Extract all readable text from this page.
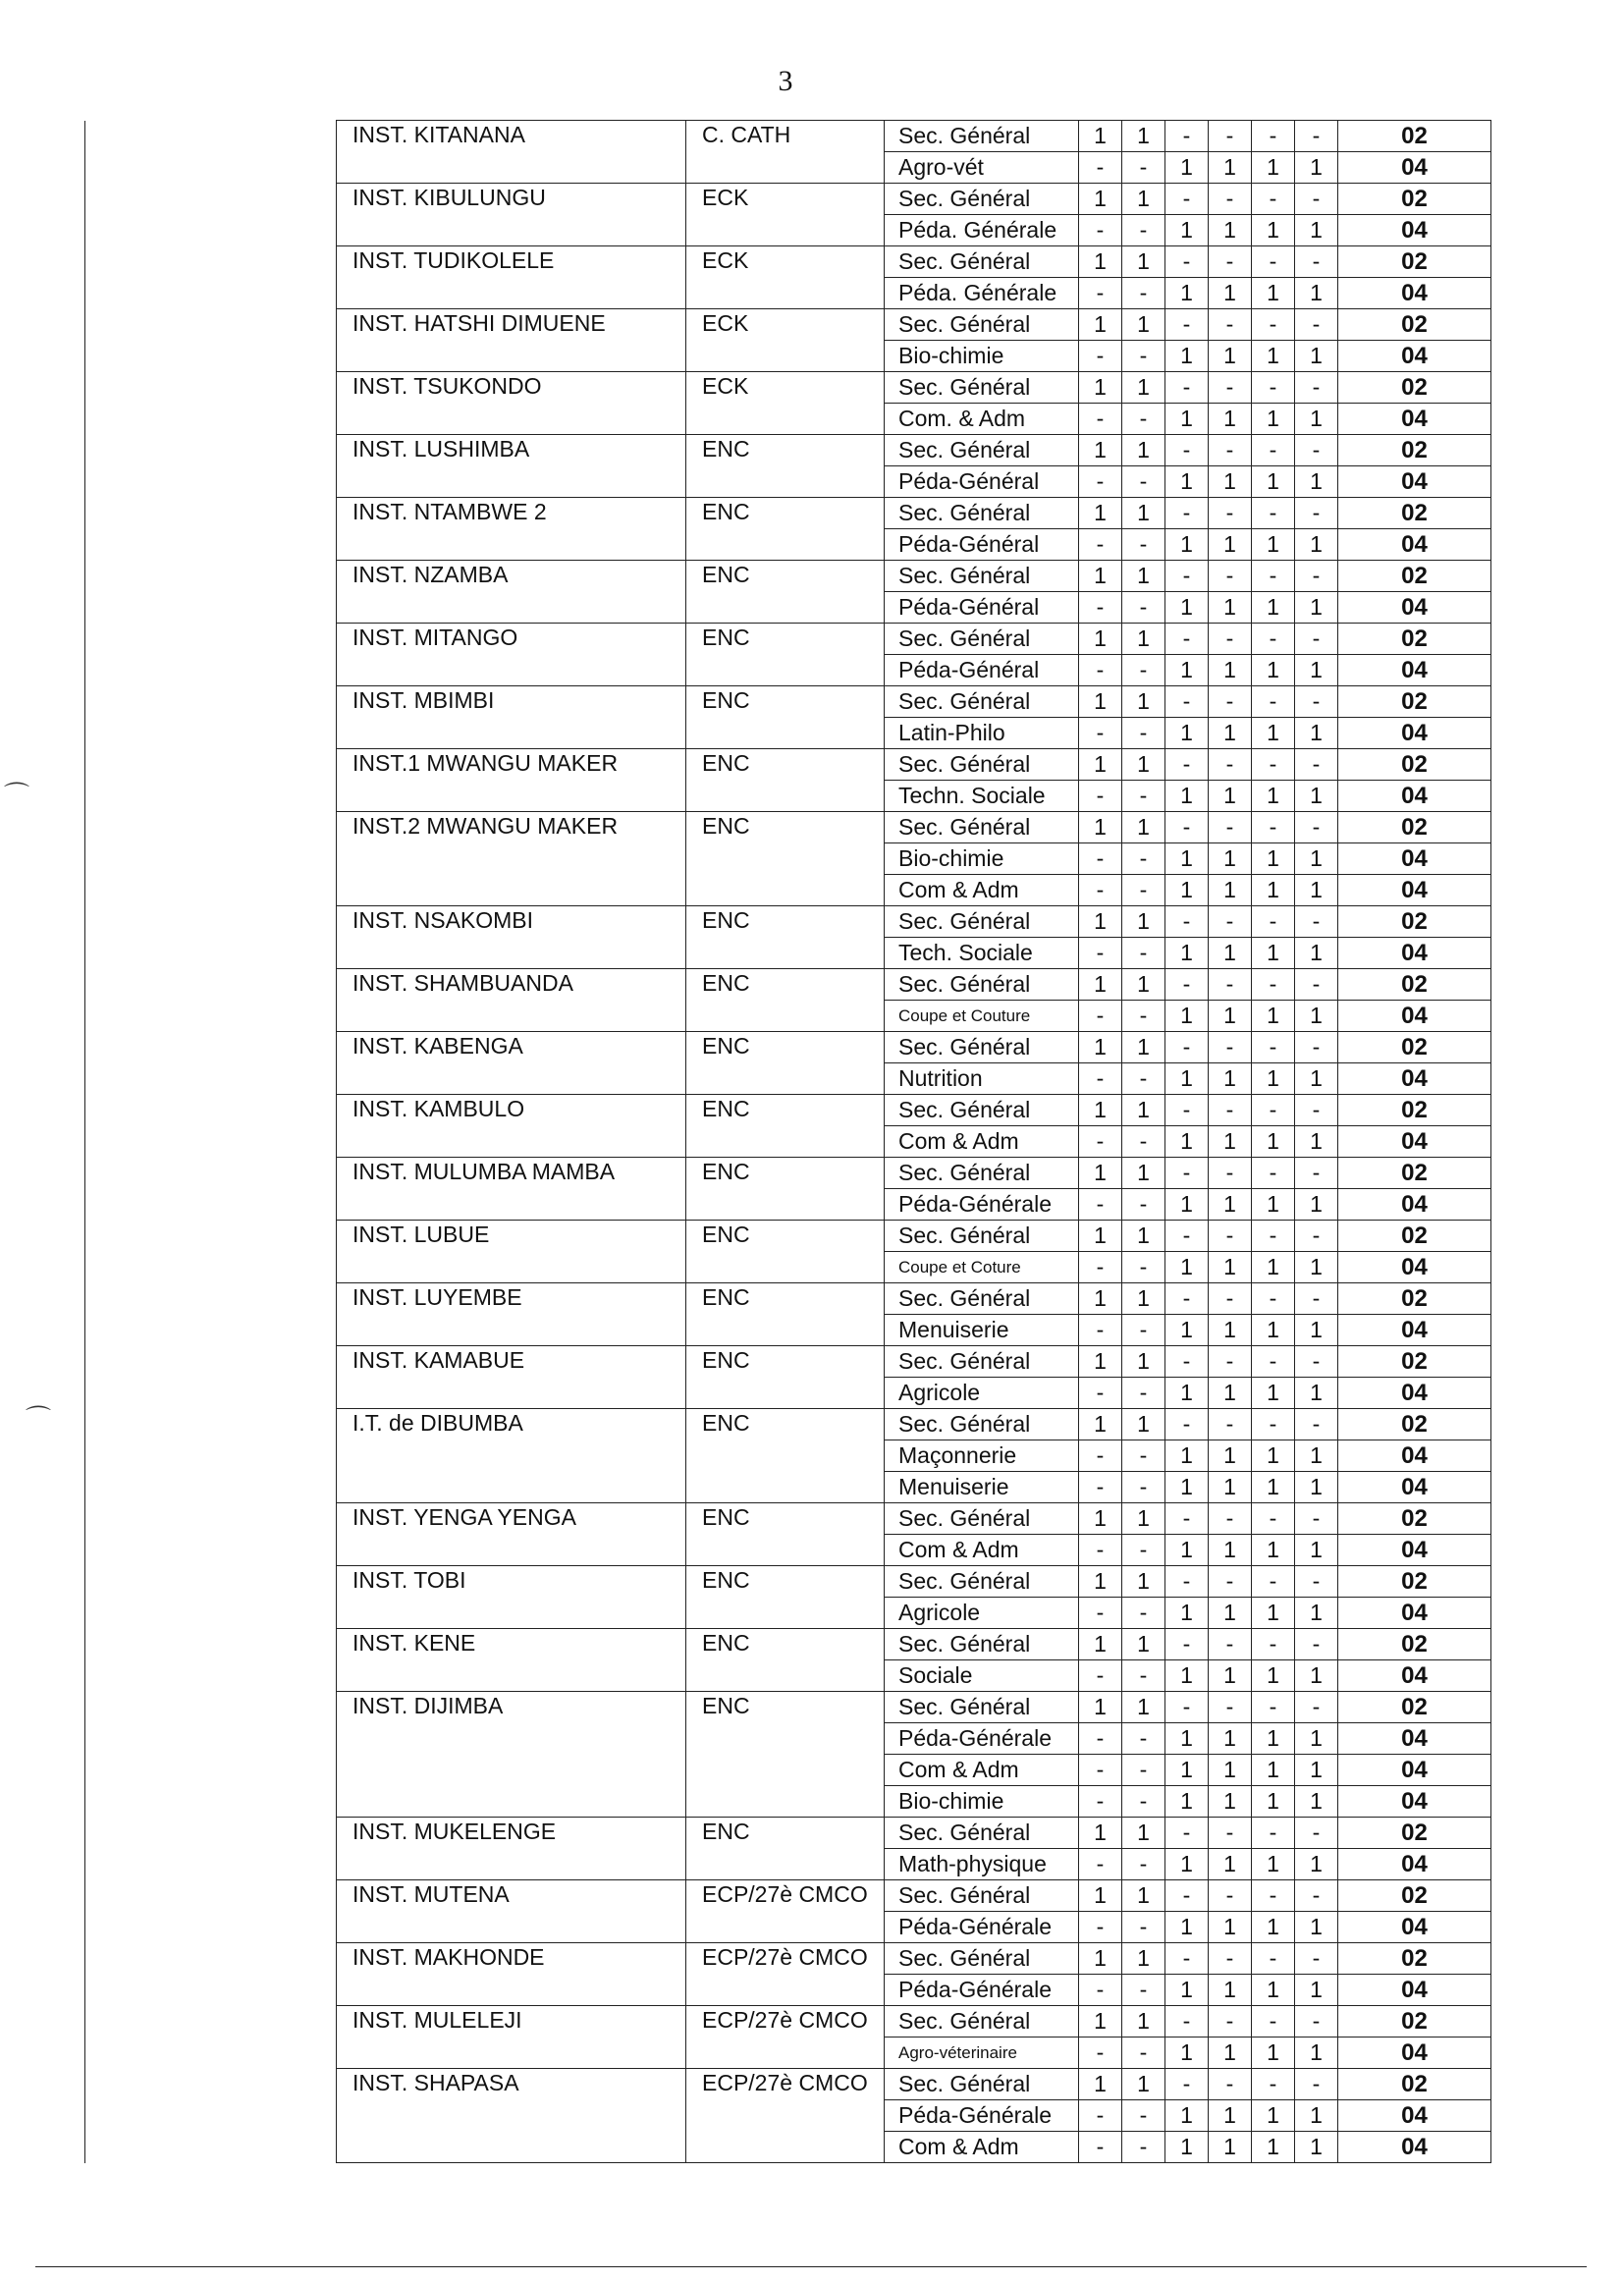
3
⌒
⌒
	INST. KITANANA	C. CATH	Sec. Général	1	1	-	-	-	-	02
			Agro-vét	-	-	1	1	1	1	04
	INST. KIBULUNGU	ECK	Sec. Général	1	1	-	-	-	-	02
			Péda. Générale	-	-	1	1	1	1	04
	INST. TUDIKOLELE	ECK	Sec. Général	1	1	-	-	-	-	02
			Péda. Générale	-	-	1	1	1	1	04
	INST. HATSHI DIMUENE	ECK	Sec. Général	1	1	-	-	-	-	02
			Bio-chimie	-	-	1	1	1	1	04
	INST. TSUKONDO	ECK	Sec. Général	1	1	-	-	-	-	02
			Com. & Adm	-	-	1	1	1	1	04
	INST. LUSHIMBA	ENC	Sec. Général	1	1	-	-	-	-	02
			Péda-Général	-	-	1	1	1	1	04
	INST. NTAMBWE 2	ENC	Sec. Général	1	1	-	-	-	-	02
			Péda-Général	-	-	1	1	1	1	04
	INST. NZAMBA	ENC	Sec. Général	1	1	-	-	-	-	02
			Péda-Général	-	-	1	1	1	1	04
	INST. MITANGO	ENC	Sec. Général	1	1	-	-	-	-	02
			Péda-Général	-	-	1	1	1	1	04
	INST. MBIMBI	ENC	Sec. Général	1	1	-	-	-	-	02
			Latin-Philo	-	-	1	1	1	1	04
	INST.1 MWANGU MAKER	ENC	Sec. Général	1	1	-	-	-	-	02
			Techn. Sociale	-	-	1	1	1	1	04
	INST.2 MWANGU MAKER	ENC	Sec. Général	1	1	-	-	-	-	02
			Bio-chimie	-	-	1	1	1	1	04
			Com & Adm	-	-	1	1	1	1	04
	INST. NSAKOMBI	ENC	Sec. Général	1	1	-	-	-	-	02
			Tech. Sociale	-	-	1	1	1	1	04
	INST. SHAMBUANDA	ENC	Sec. Général	1	1	-	-	-	-	02
			Coupe et Couture	-	-	1	1	1	1	04
	INST. KABENGA	ENC	Sec. Général	1	1	-	-	-	-	02
			Nutrition	-	-	1	1	1	1	04
	INST. KAMBULO	ENC	Sec. Général	1	1	-	-	-	-	02
			Com & Adm	-	-	1	1	1	1	04
	INST. MULUMBA MAMBA	ENC	Sec. Général	1	1	-	-	-	-	02
			Péda-Générale	-	-	1	1	1	1	04
	INST. LUBUE	ENC	Sec. Général	1	1	-	-	-	-	02
			Coupe et Coture	-	-	1	1	1	1	04
	INST. LUYEMBE	ENC	Sec. Général	1	1	-	-	-	-	02
			Menuiserie	-	-	1	1	1	1	04
	INST. KAMABUE	ENC	Sec. Général	1	1	-	-	-	-	02
			Agricole	-	-	1	1	1	1	04
	I.T. de DIBUMBA	ENC	Sec. Général	1	1	-	-	-	-	02
			Maçonnerie	-	-	1	1	1	1	04
			Menuiserie	-	-	1	1	1	1	04
	INST. YENGA YENGA	ENC	Sec. Général	1	1	-	-	-	-	02
			Com & Adm	-	-	1	1	1	1	04
	INST. TOBI	ENC	Sec. Général	1	1	-	-	-	-	02
			Agricole	-	-	1	1	1	1	04
	INST. KENE	ENC	Sec. Général	1	1	-	-	-	-	02
			Sociale	-	-	1	1	1	1	04
	INST. DIJIMBA	ENC	Sec. Général	1	1	-	-	-	-	02
			Péda-Générale	-	-	1	1	1	1	04
			Com & Adm	-	-	1	1	1	1	04
			Bio-chimie	-	-	1	1	1	1	04
	INST. MUKELENGE	ENC	Sec. Général	1	1	-	-	-	-	02
			Math-physique	-	-	1	1	1	1	04
	INST. MUTENA	ECP/27è CMCO	Sec. Général	1	1	-	-	-	-	02
			Péda-Générale	-	-	1	1	1	1	04
	INST. MAKHONDE	ECP/27è CMCO	Sec. Général	1	1	-	-	-	-	02
			Péda-Générale	-	-	1	1	1	1	04
	INST. MULELEJI	ECP/27è CMCO	Sec. Général	1	1	-	-	-	-	02
			Agro-véterinaire	-	-	1	1	1	1	04
	INST. SHAPASA	ECP/27è CMCO	Sec. Général	1	1	-	-	-	-	02
			Péda-Générale	-	-	1	1	1	1	04
			Com & Adm	-	-	1	1	1	1	04
